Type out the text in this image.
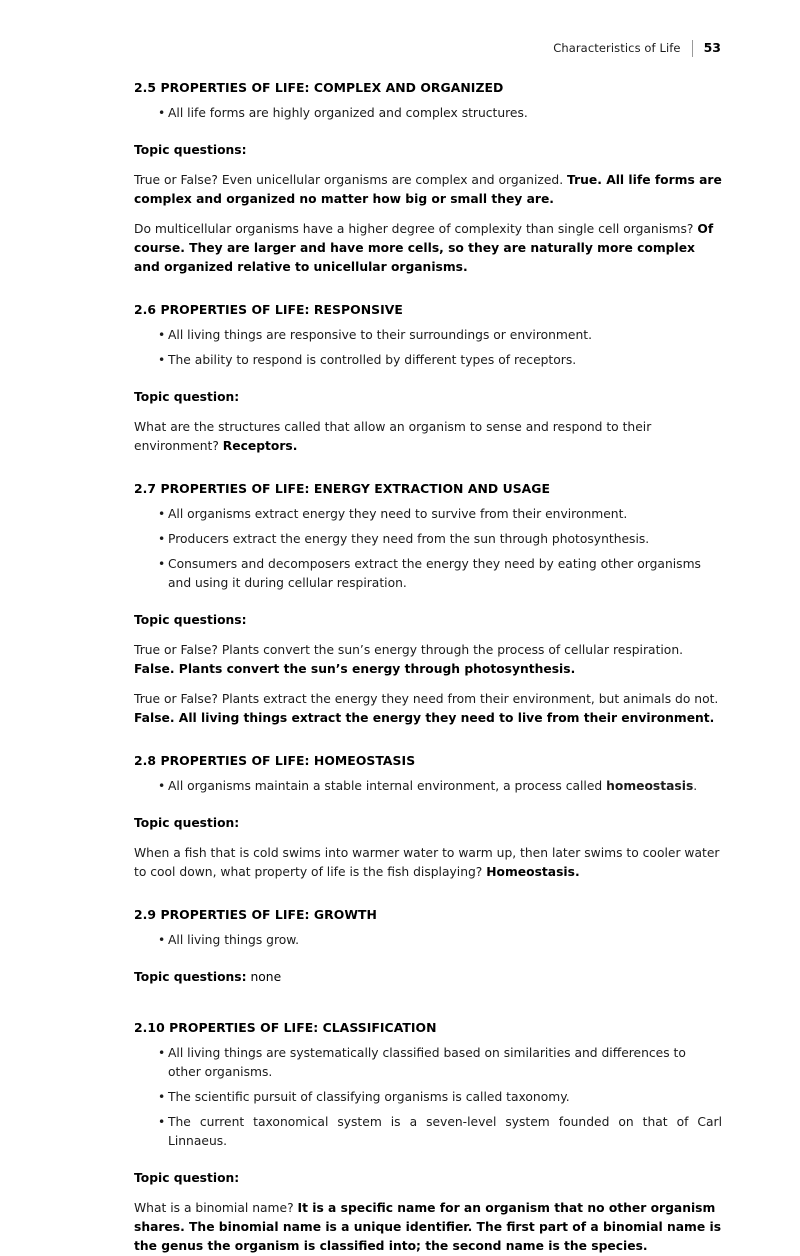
Characteristics of Life	53
2.5 PROPERTIES OF LIFE: COMPLEX AND ORGANIZED
• All life forms are highly organized and complex structures.

Topic questions:

True or False? Even unicellular organisms are complex and organized. True. All life forms are complex and organized no matter how big or small they are.

Do multicellular organisms have a higher degree of complexity than single cell organisms? Of course. They are larger and have more cells, so they are naturally more complex and organized relative to unicellular organisms.

2.6 PROPERTIES OF LIFE: RESPONSIVE
• All living things are responsive to their surroundings or environment.
• The ability to respond is controlled by different types of receptors.

Topic question:

What are the structures called that allow an organism to sense and respond to their environment? Receptors.

2.7 PROPERTIES OF LIFE: ENERGY EXTRACTION AND USAGE
• All organisms extract energy they need to survive from their environment.
• Producers extract the energy they need from the sun through photosynthesis.
• Consumers and decomposers extract the energy they need by eating other organisms and using it during cellular respiration.

Topic questions:

True or False? Plants convert the sun’s energy through the process of cellular respiration. False. Plants convert the sun’s energy through photosynthesis.

True or False? Plants extract the energy they need from their environment, but animals do not. False. All living things extract the energy they need to live from their environment.

2.8 PROPERTIES OF LIFE: HOMEOSTASIS
• All organisms maintain a stable internal environment, a process called homeostasis.

Topic question:

When a fish that is cold swims into warmer water to warm up, then later swims to cooler water to cool down, what property of life is the fish displaying? Homeostasis.

2.9 PROPERTIES OF LIFE: GROWTH
• All living things grow.

Topic questions: none

2.10 PROPERTIES OF LIFE: CLASSIFICATION
• All living things are systematically classified based on similarities and differences to other organisms.
• The scientific pursuit of classifying organisms is called taxonomy.
• The current taxonomical system is a seven-level system founded on that of Carl Linnaeus.

Topic question:

What is a binomial name? It is a specific name for an organism that no other organism shares. The binomial name is a unique identifier. The first part of a binomial name is the genus the organism is classified into; the second name is the species.
